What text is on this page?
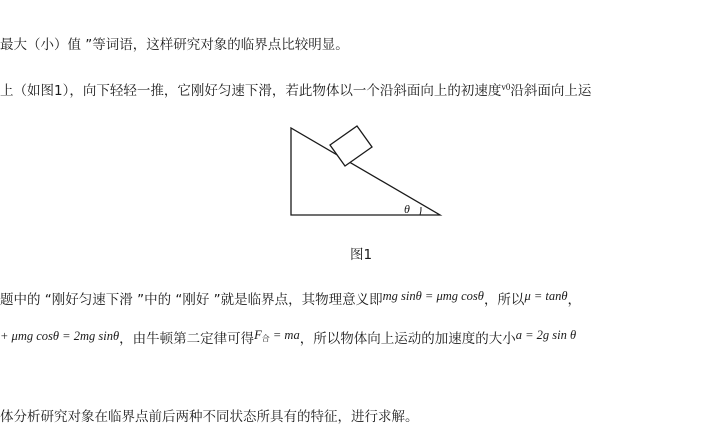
最大（小）值 ”等词语，这样研究对象的临界点比较明显。
上（如图1），向下轻轻一推，它刚好匀速下滑，若此物体以一个沿斜面向上的初速度$^{v0}$沿斜面向上运
θ
图1
题中的 “刚好匀速下滑 ”中的 “刚好 ”就是临界点，其物理意义即mg sinθ = μmg cosθ，所以μ = tanθ，
+ μmg cosθ = 2mg sinθ，由牛顿第二定律可得$F_合$ = ma，所以物体向上运动的加速度的大小a = 2g sin θ
体分析研究对象在临界点前后两种不同状态所具有的特征，进行求解。
